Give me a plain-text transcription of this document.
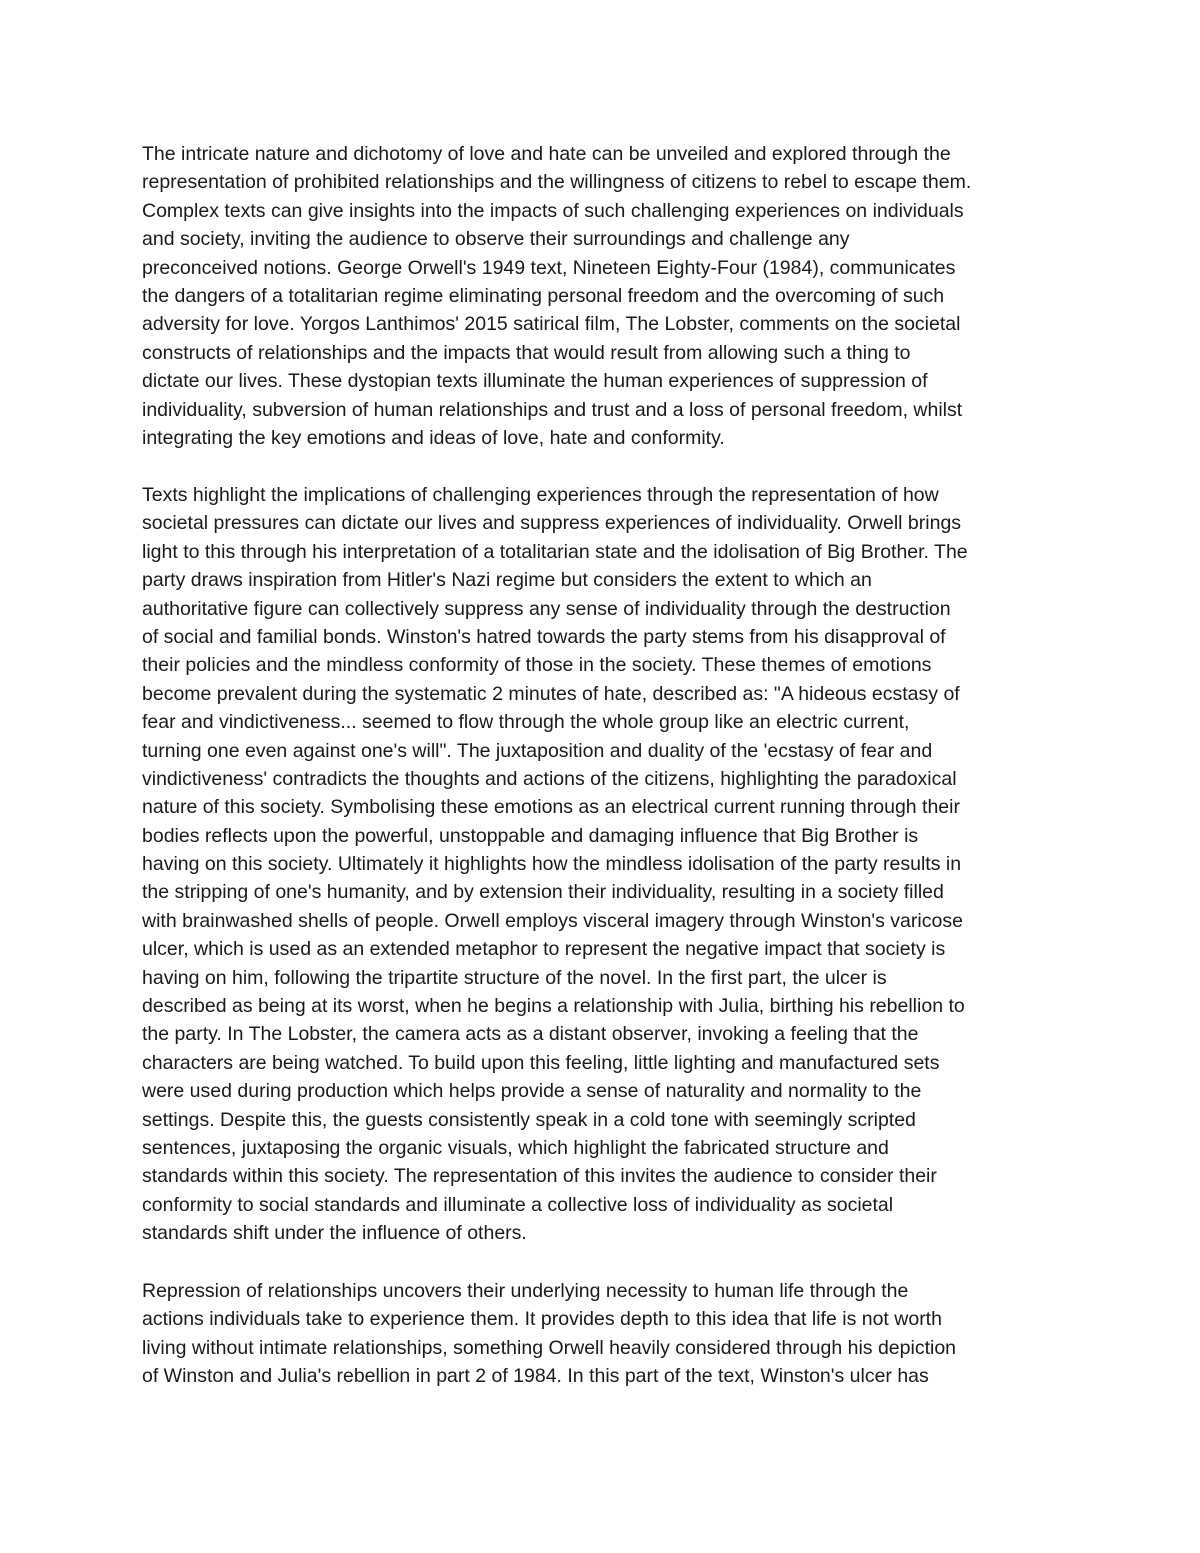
The intricate nature and dichotomy of love and hate can be unveiled and explored through the
representation of prohibited relationships and the willingness of citizens to rebel to escape them.
Complex texts can give insights into the impacts of such challenging experiences on individuals
and society, inviting the audience to observe their surroundings and challenge any
preconceived notions. George Orwell's 1949 text, Nineteen Eighty-Four (1984), communicates
the dangers of a totalitarian regime eliminating personal freedom and the overcoming of such
adversity for love. Yorgos Lanthimos' 2015 satirical film, The Lobster, comments on the societal
constructs of relationships and the impacts that would result from allowing such a thing to
dictate our lives. These dystopian texts illuminate the human experiences of suppression of
individuality, subversion of human relationships and trust and a loss of personal freedom, whilst
integrating the key emotions and ideas of love, hate and conformity.
Texts highlight the implications of challenging experiences through the representation of how
societal pressures can dictate our lives and suppress experiences of individuality. Orwell brings
light to this through his interpretation of a totalitarian state and the idolisation of Big Brother. The
party draws inspiration from Hitler's Nazi regime but considers the extent to which an
authoritative figure can collectively suppress any sense of individuality through the destruction
of social and familial bonds. Winston's hatred towards the party stems from his disapproval of
their policies and the mindless conformity of those in the society. These themes of emotions
become prevalent during the systematic 2 minutes of hate, described as: "A hideous ecstasy of
fear and vindictiveness... seemed to flow through the whole group like an electric current,
turning one even against one's will". The juxtaposition and duality of the 'ecstasy of fear and
vindictiveness' contradicts the thoughts and actions of the citizens, highlighting the paradoxical
nature of this society. Symbolising these emotions as an electrical current running through their
bodies reflects upon the powerful, unstoppable and damaging influence that Big Brother is
having on this society. Ultimately it highlights how the mindless idolisation of the party results in
the stripping of one's humanity, and by extension their individuality, resulting in a society filled
with brainwashed shells of people. Orwell employs visceral imagery through Winston's varicose
ulcer, which is used as an extended metaphor to represent the negative impact that society is
having on him, following the tripartite structure of the novel. In the first part, the ulcer is
described as being at its worst, when he begins a relationship with Julia, birthing his rebellion to
the party. In The Lobster, the camera acts as a distant observer, invoking a feeling that the
characters are being watched. To build upon this feeling, little lighting and manufactured sets
were used during production which helps provide a sense of naturality and normality to the
settings. Despite this, the guests consistently speak in a cold tone with seemingly scripted
sentences, juxtaposing the organic visuals, which highlight the fabricated structure and
standards within this society. The representation of this invites the audience to consider their
conformity to social standards and illuminate a collective loss of individuality as societal
standards shift under the influence of others.
Repression of relationships uncovers their underlying necessity to human life through the
actions individuals take to experience them. It provides depth to this idea that life is not worth
living without intimate relationships, something Orwell heavily considered through his depiction
of Winston and Julia's rebellion in part 2 of 1984. In this part of the text, Winston's ulcer has
